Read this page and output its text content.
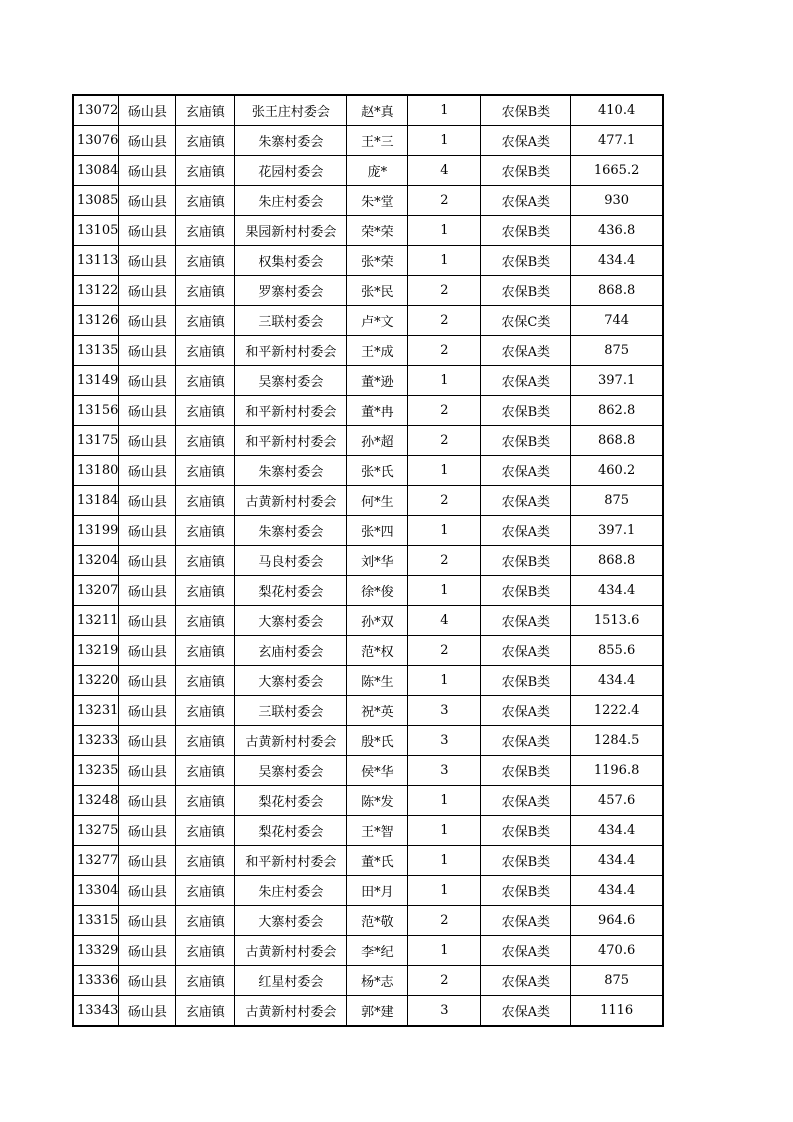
13072	砀山县	玄庙镇	张王庄村委会	赵*真	1	农保B类	410.4
13076	砀山县	玄庙镇	朱寨村委会	王*三	1	农保A类	477.1
13084	砀山县	玄庙镇	花园村委会	庞*	4	农保B类	1665.2
13085	砀山县	玄庙镇	朱庄村委会	朱*堂	2	农保A类	930
13105	砀山县	玄庙镇	果园新村村委会	荣*荣	1	农保B类	436.8
13113	砀山县	玄庙镇	权集村委会	张*荣	1	农保B类	434.4
13122	砀山县	玄庙镇	罗寨村委会	张*民	2	农保B类	868.8
13126	砀山县	玄庙镇	三联村委会	卢*文	2	农保C类	744
13135	砀山县	玄庙镇	和平新村村委会	王*成	2	农保A类	875
13149	砀山县	玄庙镇	吴寨村委会	董*逊	1	农保A类	397.1
13156	砀山县	玄庙镇	和平新村村委会	董*冉	2	农保B类	862.8
13175	砀山县	玄庙镇	和平新村村委会	孙*超	2	农保B类	868.8
13180	砀山县	玄庙镇	朱寨村委会	张*氏	1	农保A类	460.2
13184	砀山县	玄庙镇	古黄新村村委会	何*生	2	农保A类	875
13199	砀山县	玄庙镇	朱寨村委会	张*四	1	农保A类	397.1
13204	砀山县	玄庙镇	马良村委会	刘*华	2	农保B类	868.8
13207	砀山县	玄庙镇	梨花村委会	徐*俊	1	农保B类	434.4
13211	砀山县	玄庙镇	大寨村委会	孙*双	4	农保A类	1513.6
13219	砀山县	玄庙镇	玄庙村委会	范*权	2	农保A类	855.6
13220	砀山县	玄庙镇	大寨村委会	陈*生	1	农保B类	434.4
13231	砀山县	玄庙镇	三联村委会	祝*英	3	农保A类	1222.4
13233	砀山县	玄庙镇	古黄新村村委会	殷*氏	3	农保A类	1284.5
13235	砀山县	玄庙镇	吴寨村委会	侯*华	3	农保B类	1196.8
13248	砀山县	玄庙镇	梨花村委会	陈*发	1	农保A类	457.6
13275	砀山县	玄庙镇	梨花村委会	王*智	1	农保B类	434.4
13277	砀山县	玄庙镇	和平新村村委会	董*氏	1	农保B类	434.4
13304	砀山县	玄庙镇	朱庄村委会	田*月	1	农保B类	434.4
13315	砀山县	玄庙镇	大寨村委会	范*敬	2	农保A类	964.6
13329	砀山县	玄庙镇	古黄新村村委会	李*纪	1	农保A类	470.6
13336	砀山县	玄庙镇	红星村委会	杨*志	2	农保A类	875
13343	砀山县	玄庙镇	古黄新村村委会	郭*建	3	农保A类	1116
